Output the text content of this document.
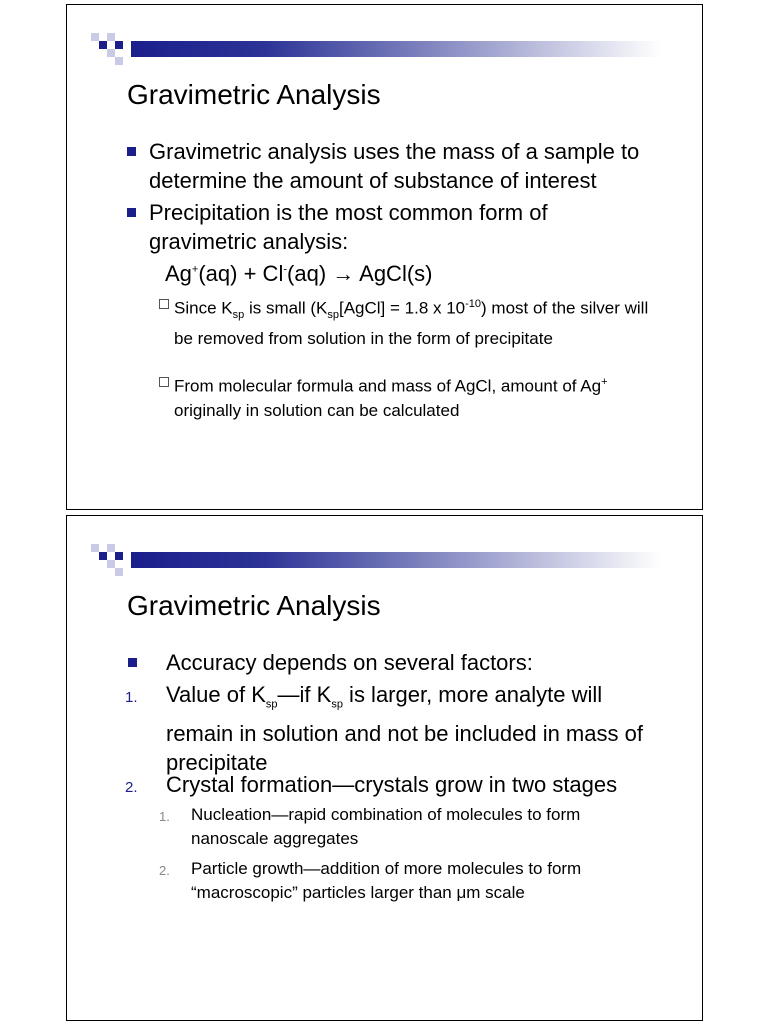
Gravimetric Analysis
Gravimetric analysis uses the mass of a sample to determine the amount of substance of interest
Precipitation is the most common form of gravimetric analysis:
Ag+(aq) + Cl-(aq) → AgCl(s)
Since $K_{sp}$ is small ($K_{sp}[AgCl] = 1.8$ x $10^{-10}$) most of the silver will be removed from solution in the form of precipitate
From molecular formula and mass of AgCl, amount of Ag+ originally in solution can be calculated
Gravimetric Analysis
Accuracy depends on several factors:
1. Value of $K_{sp}—if$ $K_{sp}$ is larger, more analyte will remain in solution and not be included in mass of precipitate
2. Crystal formation—crystals grow in two stages
1. Nucleation—rapid combination of molecules to form nanoscale aggregates
2. Particle growth—addition of more molecules to form “macroscopic” particles larger than μm scale
